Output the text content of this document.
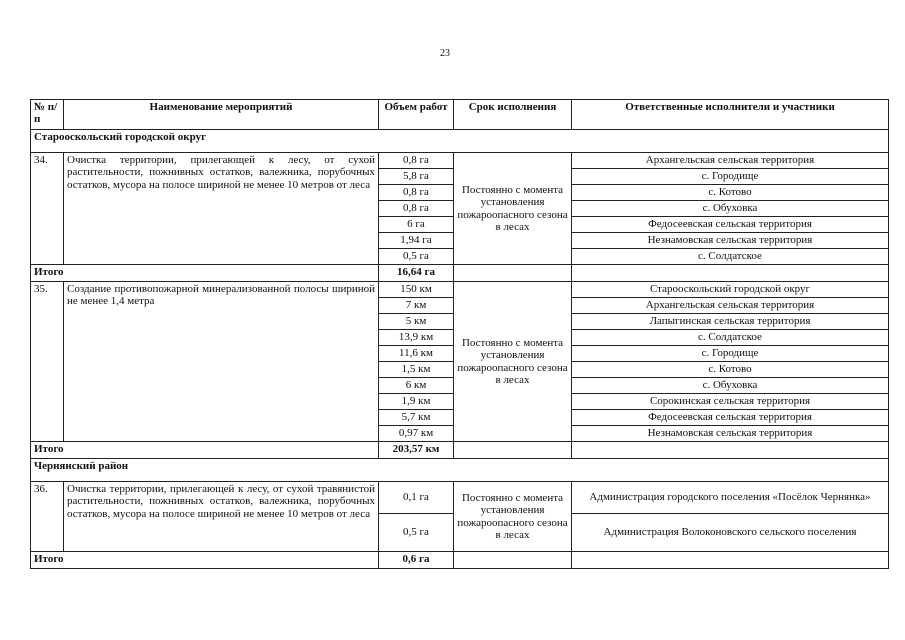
23
№ п/п	Наименование мероприятий	Объем работ	Срок исполнения	Ответственные исполнители и участники
Старооскольский городской округ				
34.	Очистка территории, прилегающей к лесу, от сухой растительности, пожнивных остатков, валежника, порубочных остатков, мусора на полосе шириной не менее 10 метров от леса	0,8 га	Постоянно с момента установления пожароопасного сезона в лесах	Архангельская сельская территория
		5,8 га		с. Городище
		0,8 га		с. Котово
		0,8 га		с. Обуховка
		6 га		Федосеевская сельская территория
		1,94 га		Незнамовская сельская территория
		0,5 га		с. Солдатское
Итого		16,64 га		
35.	Создание противопожарной минерализованной полосы шириной не менее 1,4 метра	150 км	Постоянно с момента установления пожароопасного сезона в лесах	Старооскольский городской округ
		7 км		Архангельская сельская территория
		5 км		Лапыгинская сельская территория
		13,9 км		с. Солдатское
		11,6 км		с. Городище
		1,5 км		с. Котово
		6 км		с. Обуховка
		1,9 км		Сорокинская сельская территория
		5,7 км		Федосеевская сельская территория
		0,97 км		Незнамовская сельская территория
Итого		203,57 км		
Чернянский район				
36.	Очистка территории, прилегающей к лесу, от сухой травянистой растительности, пожнивных остатков, валежника, порубочных остатков, мусора на полосе шириной не менее 10 метров от леса	0,1 га	Постоянно с момента установления пожароопасного сезона в лесах	Администрация городского поселения «Посёлок Чернянка»
		0,5 га		Администрация Волоконовского сельского поселения
Итого		0,6 га		
